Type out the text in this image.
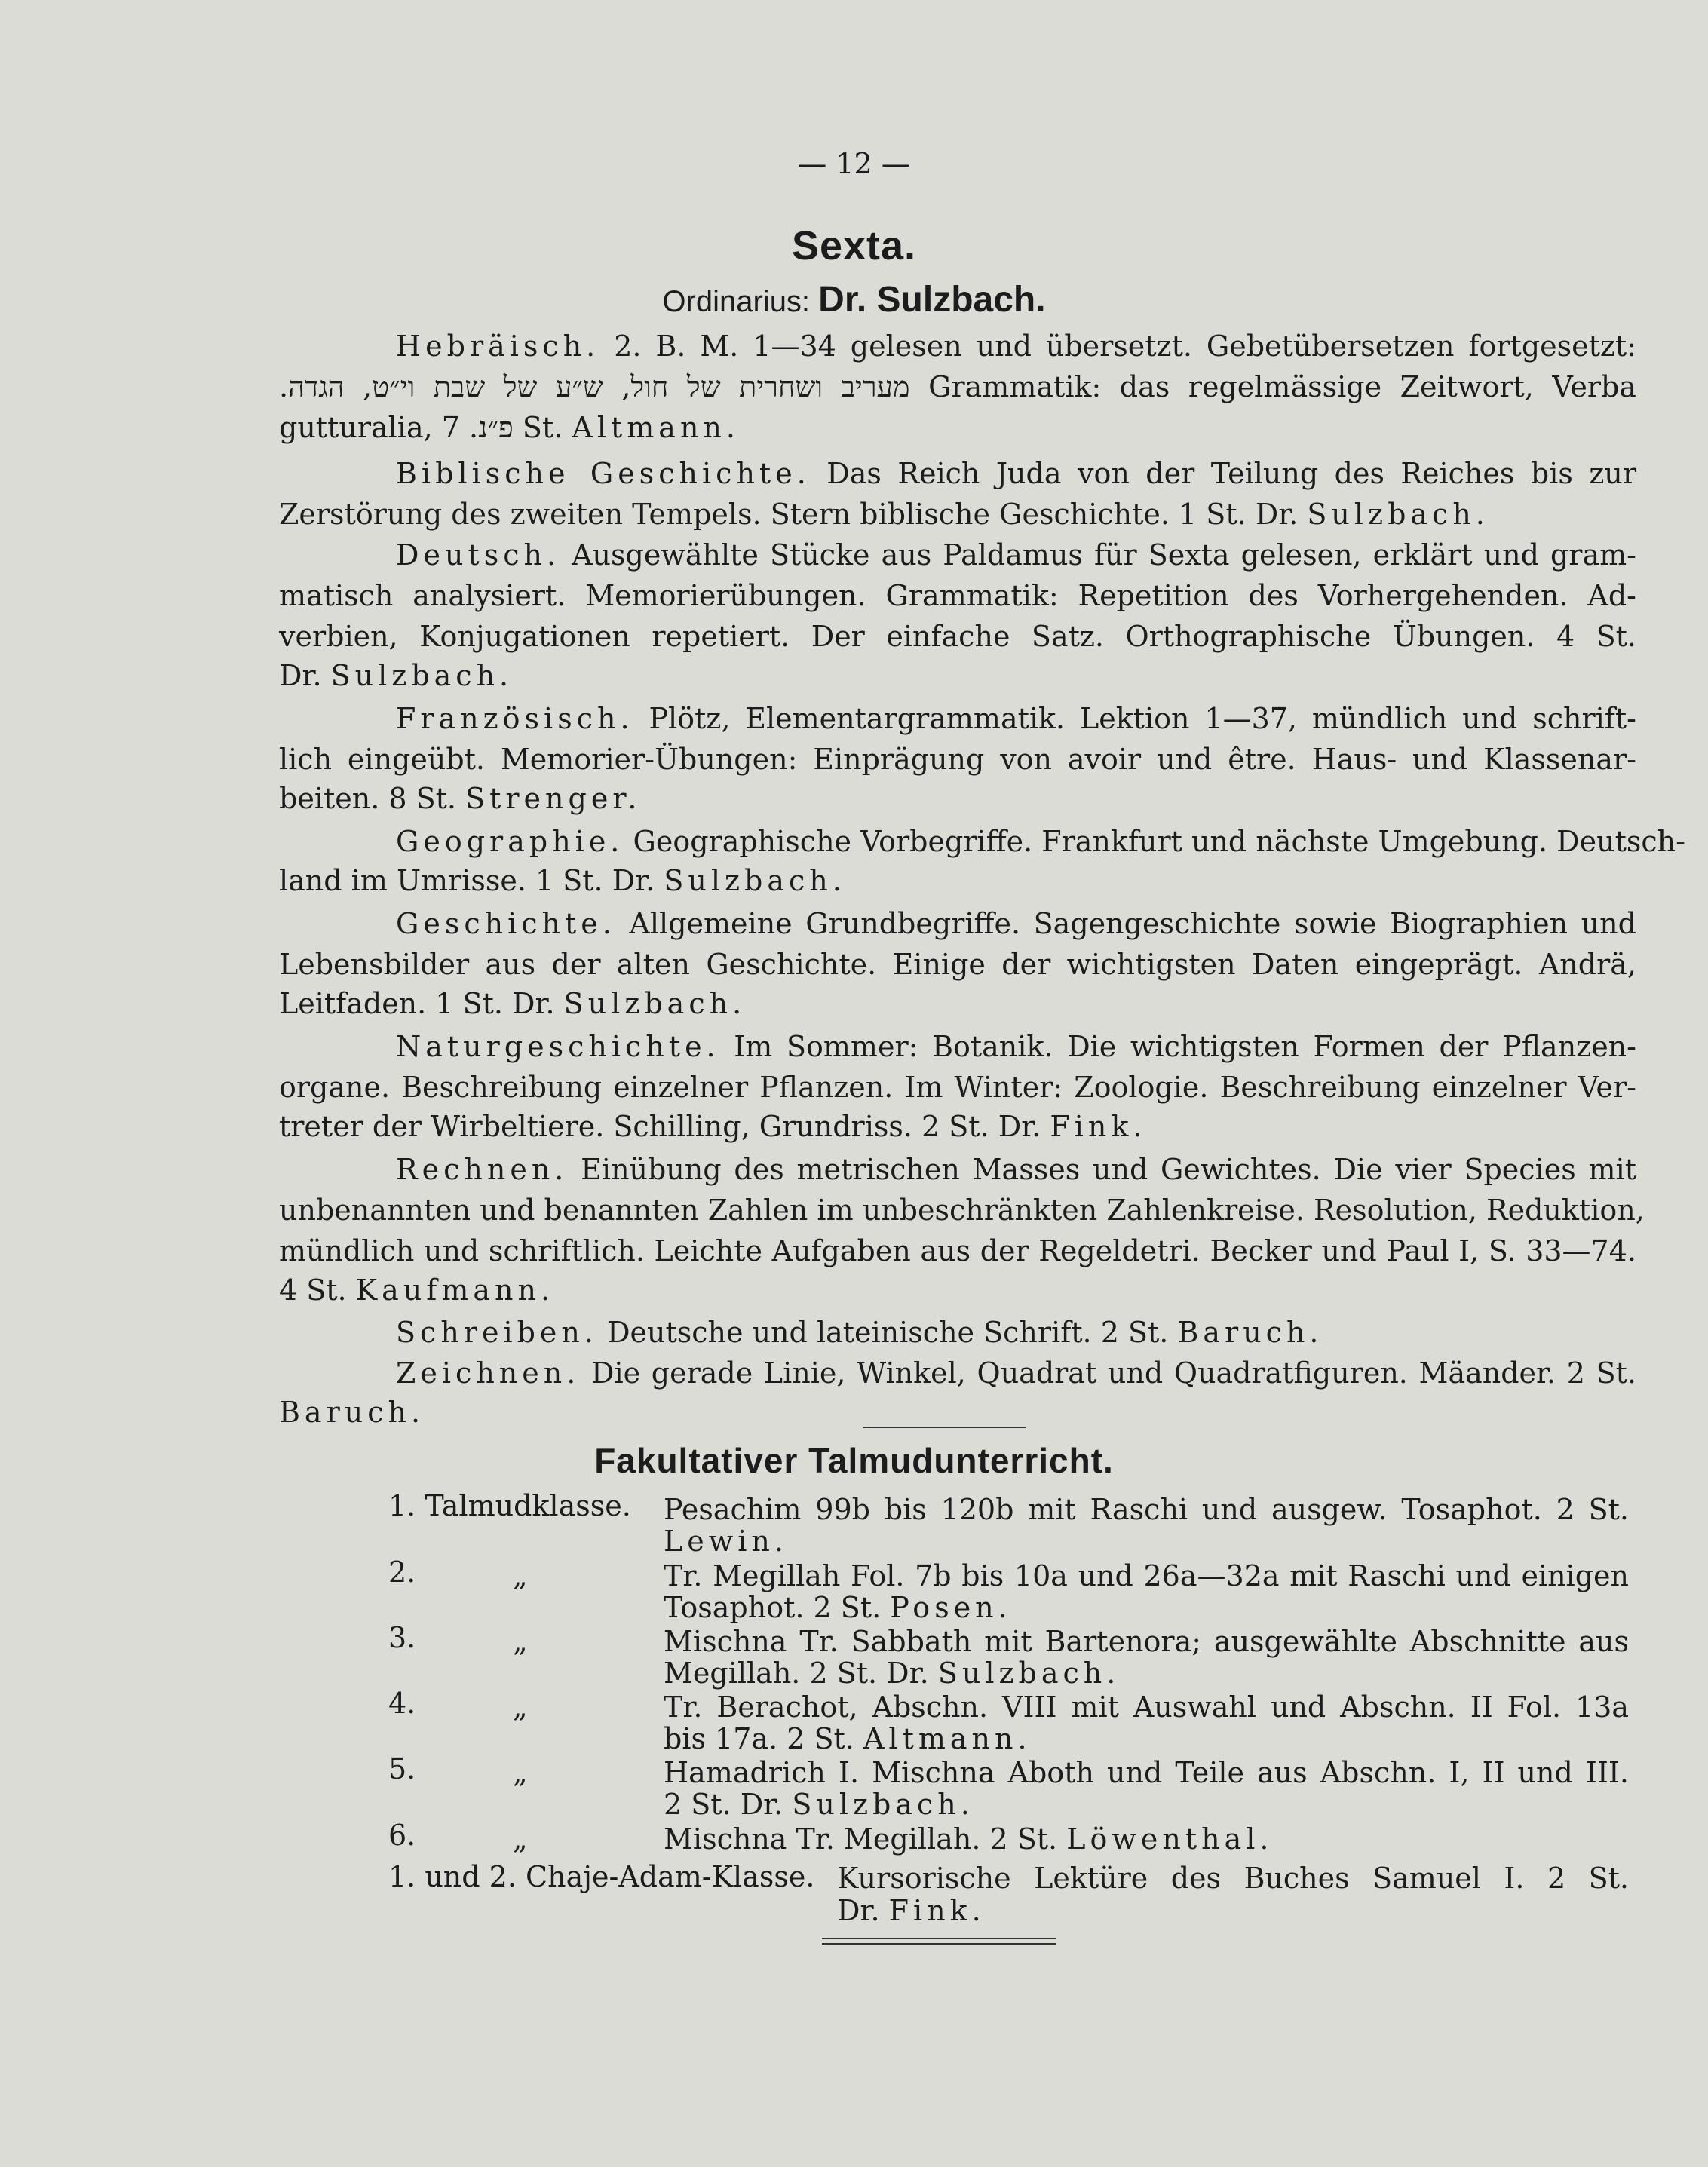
— 12 —
Sexta.
Ordinarius: Dr. Sulzbach.
Hebräisch. 2. B. M. 1—34 gelesen und übersetzt. Gebetübersetzen fortgesetzt:
מעריב ושחרית של חול, ש״ע של שבת וי״ט, הגדה. Grammatik: das regelmässige Zeitwort, Verba
gutturalia, פ״נ. 7 St. Altmann.
Biblische Geschichte. Das Reich Juda von der Teilung des Reiches bis zur
Zerstörung des zweiten Tempels. Stern biblische Geschichte. 1 St. Dr. Sulzbach.
Deutsch. Ausgewählte Stücke aus Paldamus für Sexta gelesen, erklärt und gram-
matisch analysiert. Memorierübungen. Grammatik: Repetition des Vorhergehenden. Ad-
verbien, Konjugationen repetiert. Der einfache Satz. Orthographische Übungen. 4 St.
Dr. Sulzbach.
Französisch. Plötz, Elementargrammatik. Lektion 1—37, mündlich und schrift-
lich eingeübt. Memorier-Übungen: Einprägung von avoir und être. Haus- und Klassenar-
beiten. 8 St. Strenger.
Geographie. Geographische Vorbegriffe. Frankfurt und nächste Umgebung. Deutsch-
land im Umrisse. 1 St. Dr. Sulzbach.
Geschichte. Allgemeine Grundbegriffe. Sagengeschichte sowie Biographien und
Lebensbilder aus der alten Geschichte. Einige der wichtigsten Daten eingeprägt. Andrä,
Leitfaden. 1 St. Dr. Sulzbach.
Naturgeschichte. Im Sommer: Botanik. Die wichtigsten Formen der Pflanzen-
organe. Beschreibung einzelner Pflanzen. Im Winter: Zoologie. Beschreibung einzelner Ver-
treter der Wirbeltiere. Schilling, Grundriss. 2 St. Dr. Fink.
Rechnen. Einübung des metrischen Masses und Gewichtes. Die vier Species mit
unbenannten und benannten Zahlen im unbeschränkten Zahlenkreise. Resolution, Reduktion,
mündlich und schriftlich. Leichte Aufgaben aus der Regeldetri. Becker und Paul I, S. 33—74.
4 St. Kaufmann.
Schreiben. Deutsche und lateinische Schrift. 2 St. Baruch.
Zeichnen. Die gerade Linie, Winkel, Quadrat und Quadratfiguren. Mäander. 2 St.
Baruch.
Fakultativer Talmudunterricht.
1. Talmudklasse. Pesachim 99b bis 120b mit Raschi und ausgew. Tosaphot. 2 St.
Lewin.
2.	„	Tr. Megillah Fol. 7b bis 10a und 26a—32a mit Raschi und einigen
Tosaphot. 2 St. Posen.
3.	„	Mischna Tr. Sabbath mit Bartenora; ausgewählte Abschnitte aus
Megillah. 2 St. Dr. Sulzbach.
4.	„	Tr. Berachot, Abschn. VIII mit Auswahl und Abschn. II Fol. 13a
bis 17a. 2 St. Altmann.
5.	„	Hamadrich I. Mischna Aboth und Teile aus Abschn. I, II und III.
2 St. Dr. Sulzbach.
6.	„	Mischna Tr. Megillah. 2 St. Löwenthal.
1. und 2. Chaje-Adam-Klasse. Kursorische Lektüre des Buches Samuel I. 2 St.
Dr. Fink.
